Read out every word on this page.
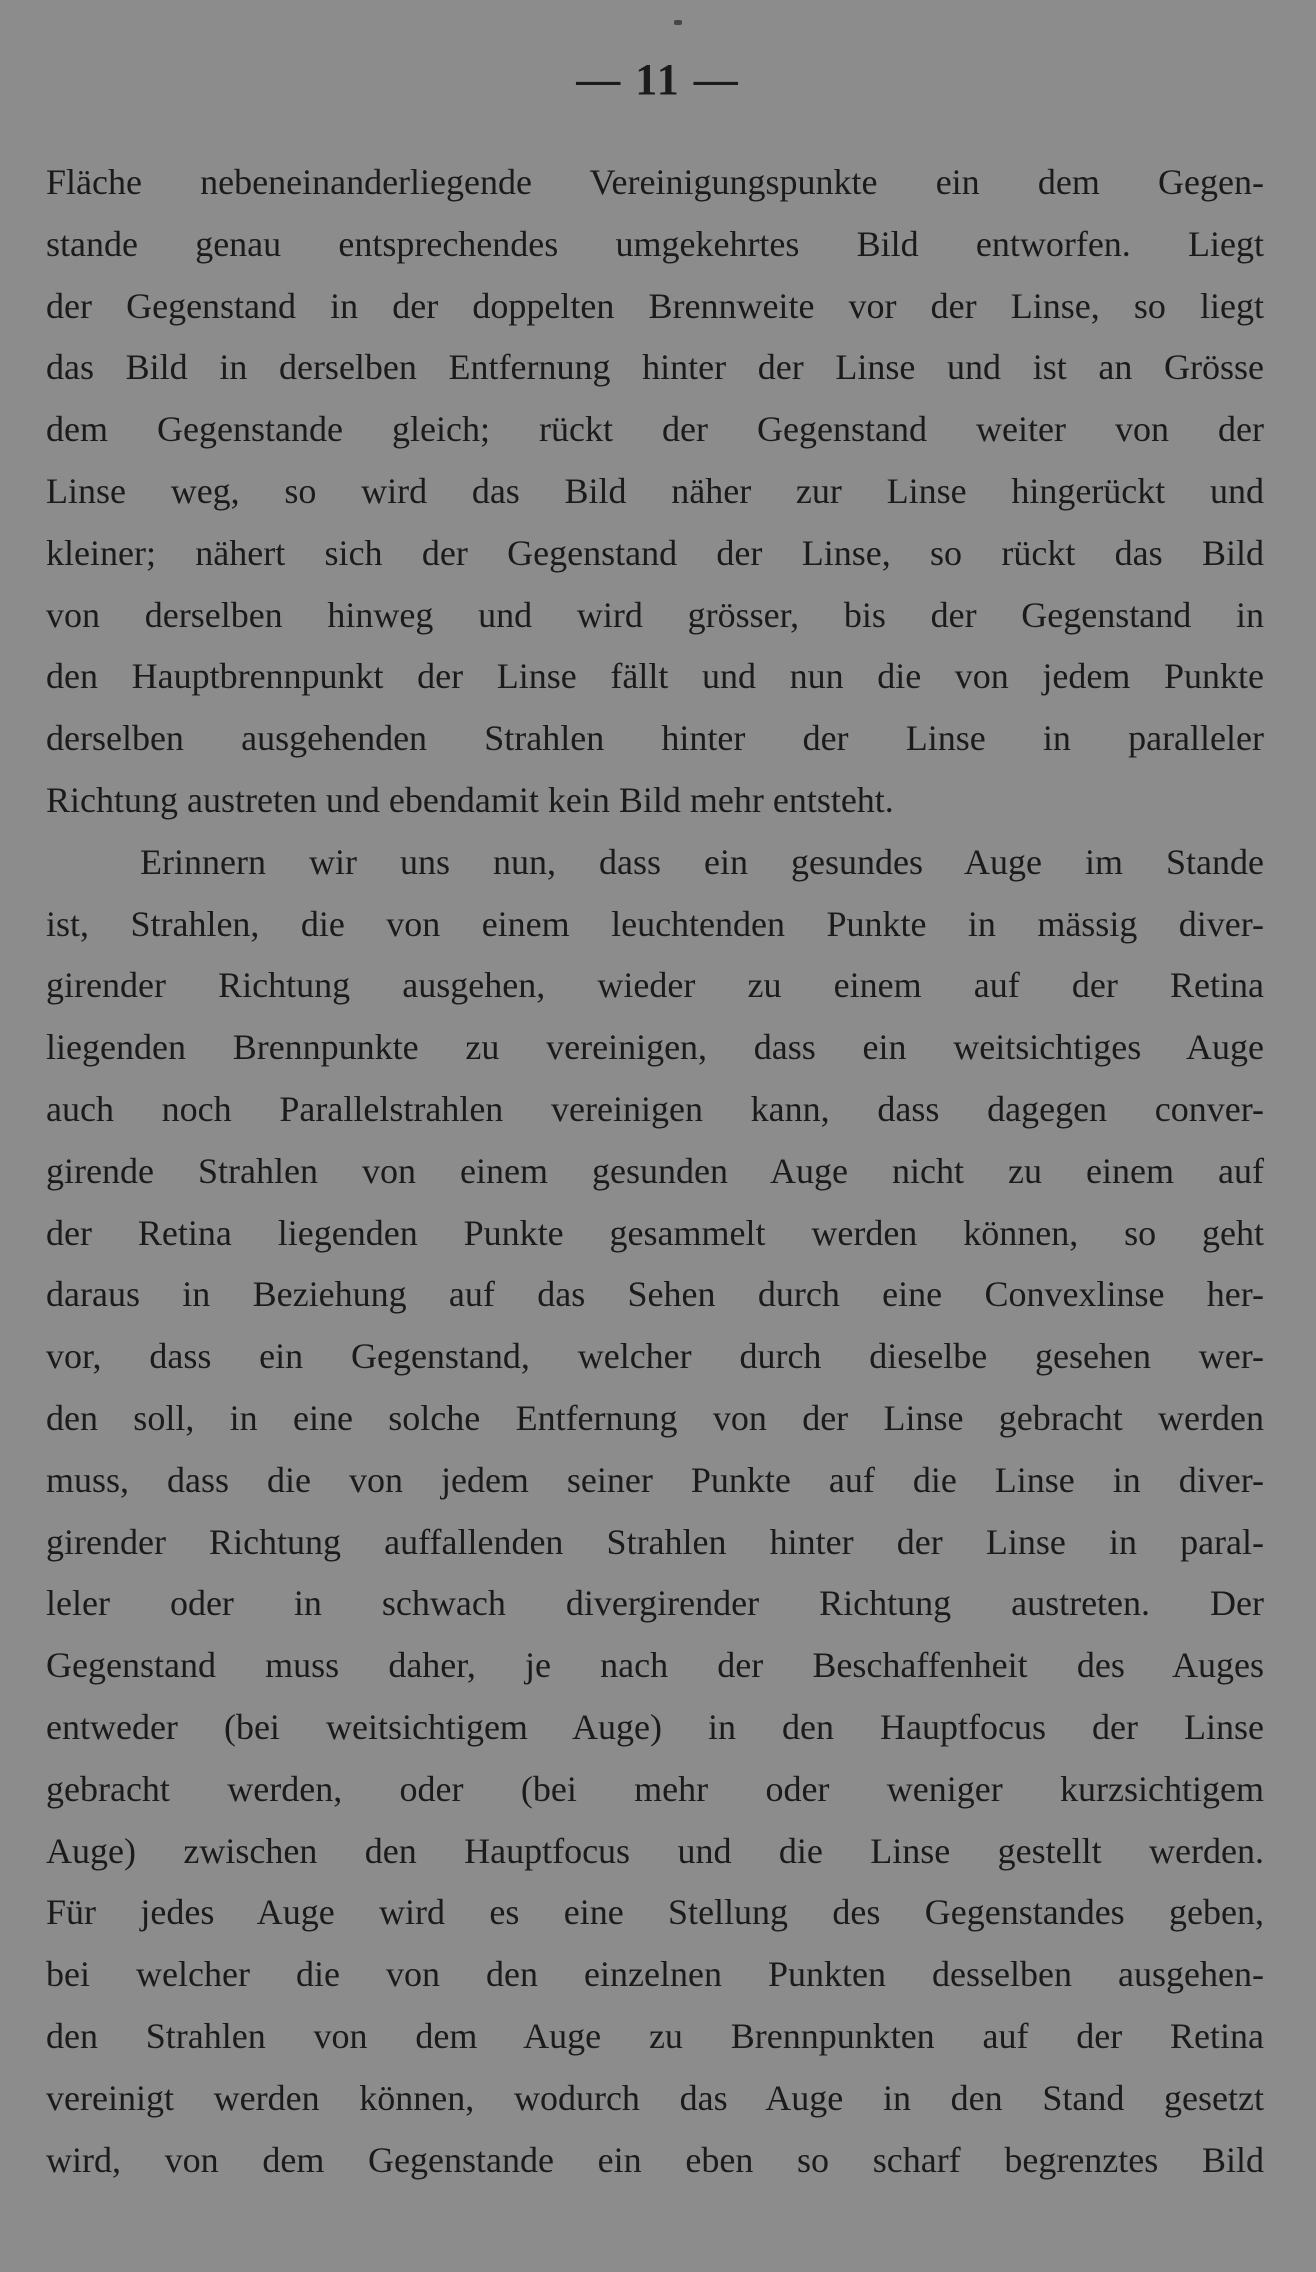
— 11 —
Fläche nebeneinanderliegende Vereinigungspunkte ein dem Gegen-
stande genau entsprechendes umgekehrtes Bild entworfen. Liegt
der Gegenstand in der doppelten Brennweite vor der Linse, so liegt
das Bild in derselben Entfernung hinter der Linse und ist an Grösse
dem Gegenstande gleich; rückt der Gegenstand weiter von der
Linse weg, so wird das Bild näher zur Linse hingerückt und
kleiner; nähert sich der Gegenstand der Linse, so rückt das Bild
von derselben hinweg und wird grösser, bis der Gegenstand in
den Hauptbrennpunkt der Linse fällt und nun die von jedem Punkte
derselben ausgehenden Strahlen hinter der Linse in paralleler
Richtung austreten und ebendamit kein Bild mehr entsteht.
Erinnern wir uns nun, dass ein gesundes Auge im Stande
ist, Strahlen, die von einem leuchtenden Punkte in mässig diver-
girender Richtung ausgehen, wieder zu einem auf der Retina
liegenden Brennpunkte zu vereinigen, dass ein weitsichtiges Auge
auch noch Parallelstrahlen vereinigen kann, dass dagegen conver-
girende Strahlen von einem gesunden Auge nicht zu einem auf
der Retina liegenden Punkte gesammelt werden können, so geht
daraus in Beziehung auf das Sehen durch eine Convexlinse her-
vor, dass ein Gegenstand, welcher durch dieselbe gesehen wer-
den soll, in eine solche Entfernung von der Linse gebracht werden
muss, dass die von jedem seiner Punkte auf die Linse in diver-
girender Richtung auffallenden Strahlen hinter der Linse in paral-
leler oder in schwach divergirender Richtung austreten. Der
Gegenstand muss daher, je nach der Beschaffenheit des Auges
entweder (bei weitsichtigem Auge) in den Hauptfocus der Linse
gebracht werden, oder (bei mehr oder weniger kurzsichtigem
Auge) zwischen den Hauptfocus und die Linse gestellt werden.
Für jedes Auge wird es eine Stellung des Gegenstandes geben,
bei welcher die von den einzelnen Punkten desselben ausgehen-
den Strahlen von dem Auge zu Brennpunkten auf der Retina
vereinigt werden können, wodurch das Auge in den Stand gesetzt
wird, von dem Gegenstande ein eben so scharf begrenztes Bild
